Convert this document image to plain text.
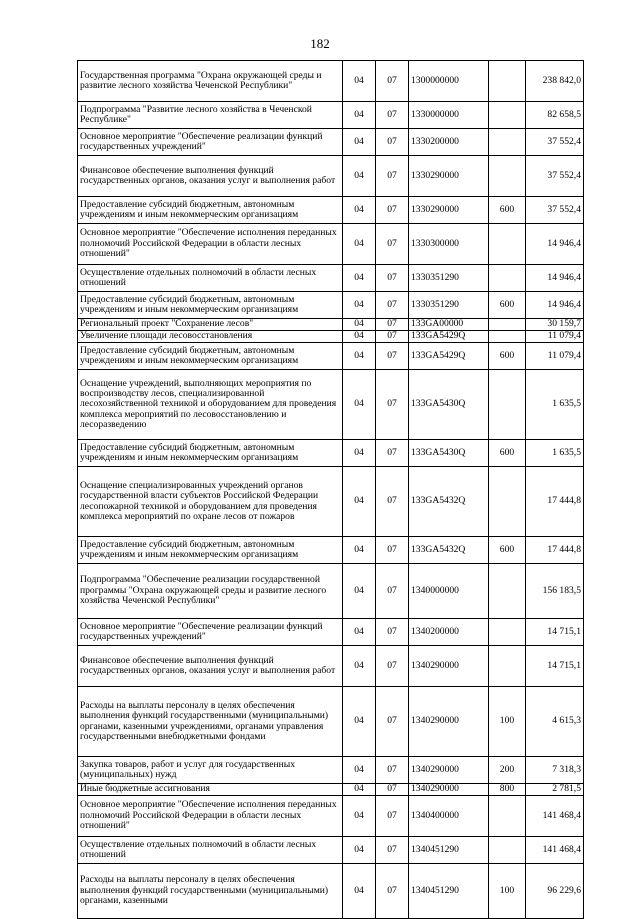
182
Государственная программа "Охрана окружающей среды и развитие лесного хозяйства Чеченской Республики"	04	07	1300000000		238 842,0
Подпрограмма "Развитие лесного хозяйства в Чеченской Республике"	04	07	1330000000		82 658,5
Основное мероприятие "Обеспечение реализации функций государственных учреждений"	04	07	1330200000		37 552,4
Финансовое обеспечение выполнения функций государственных органов, оказания услуг и выполнения работ	04	07	1330290000		37 552,4
Предоставление субсидий бюджетным, автономным учреждениям и иным некоммерческим организациям	04	07	1330290000	600	37 552,4
Основное мероприятие "Обеспечение исполнения переданных полномочий Российской Федерации в области лесных отношений"	04	07	1330300000		14 946,4
Осуществление отдельных полномочий в области лесных отношений	04	07	1330351290		14 946,4
Предоставление субсидий бюджетным, автономным учреждениям и иным некоммерческим организациям	04	07	1330351290	600	14 946,4
Региональный проект "Сохранение лесов"	04	07	133GA00000		30 159,7
Увеличение площади лесовосстановления	04	07	133GA5429Q		11 079,4
Предоставление субсидий бюджетным, автономным учреждениям и иным некоммерческим организациям	04	07	133GA5429Q	600	11 079,4
Оснащение учреждений, выполняющих мероприятия по воспроизводству лесов, специализированной лесохозяйственной техникой и оборудованием для проведения комплекса мероприятий по лесовосстановлению и лесоразведению	04	07	133GA5430Q		1 635,5
Предоставление субсидий бюджетным, автономным учреждениям и иным некоммерческим организациям	04	07	133GA5430Q	600	1 635,5
Оснащение специализированных учреждений органов государственной власти субъектов Российской Федерации лесопожарной техникой и оборудованием для проведения комплекса мероприятий по охране лесов от пожаров	04	07	133GA5432Q		17 444,8
Предоставление субсидий бюджетным, автономным учреждениям и иным некоммерческим организациям	04	07	133GA5432Q	600	17 444,8
Подпрограмма "Обеспечение реализации государственной программы "Охрана окружающей среды и развитие лесного хозяйства Чеченской Республики"	04	07	1340000000		156 183,5
Основное мероприятие "Обеспечение реализации функций государственных учреждений"	04	07	1340200000		14 715,1
Финансовое обеспечение выполнения функций государственных органов, оказания услуг и выполнения работ	04	07	1340290000		14 715,1
Расходы на выплаты персоналу в целях обеспечения выполнения функций государственными (муниципальными) органами, казенными учреждениями, органами управления государственными внебюджетными фондами	04	07	1340290000	100	4 615,3
Закупка товаров, работ и услуг для государственных (муниципальных) нужд	04	07	1340290000	200	7 318,3
Иные бюджетные ассигнования	04	07	1340290000	800	2 781,5
Основное мероприятие "Обеспечение исполнения переданных полномочий Российской Федерации в области лесных отношений"	04	07	1340400000		141 468,4
Осуществление отдельных полномочий в области лесных отношений	04	07	1340451290		141 468,4
Расходы на выплаты персоналу в целях обеспечения выполнения функций государственными (муниципальными) органами, казенными	04	07	1340451290	100	96 229,6
